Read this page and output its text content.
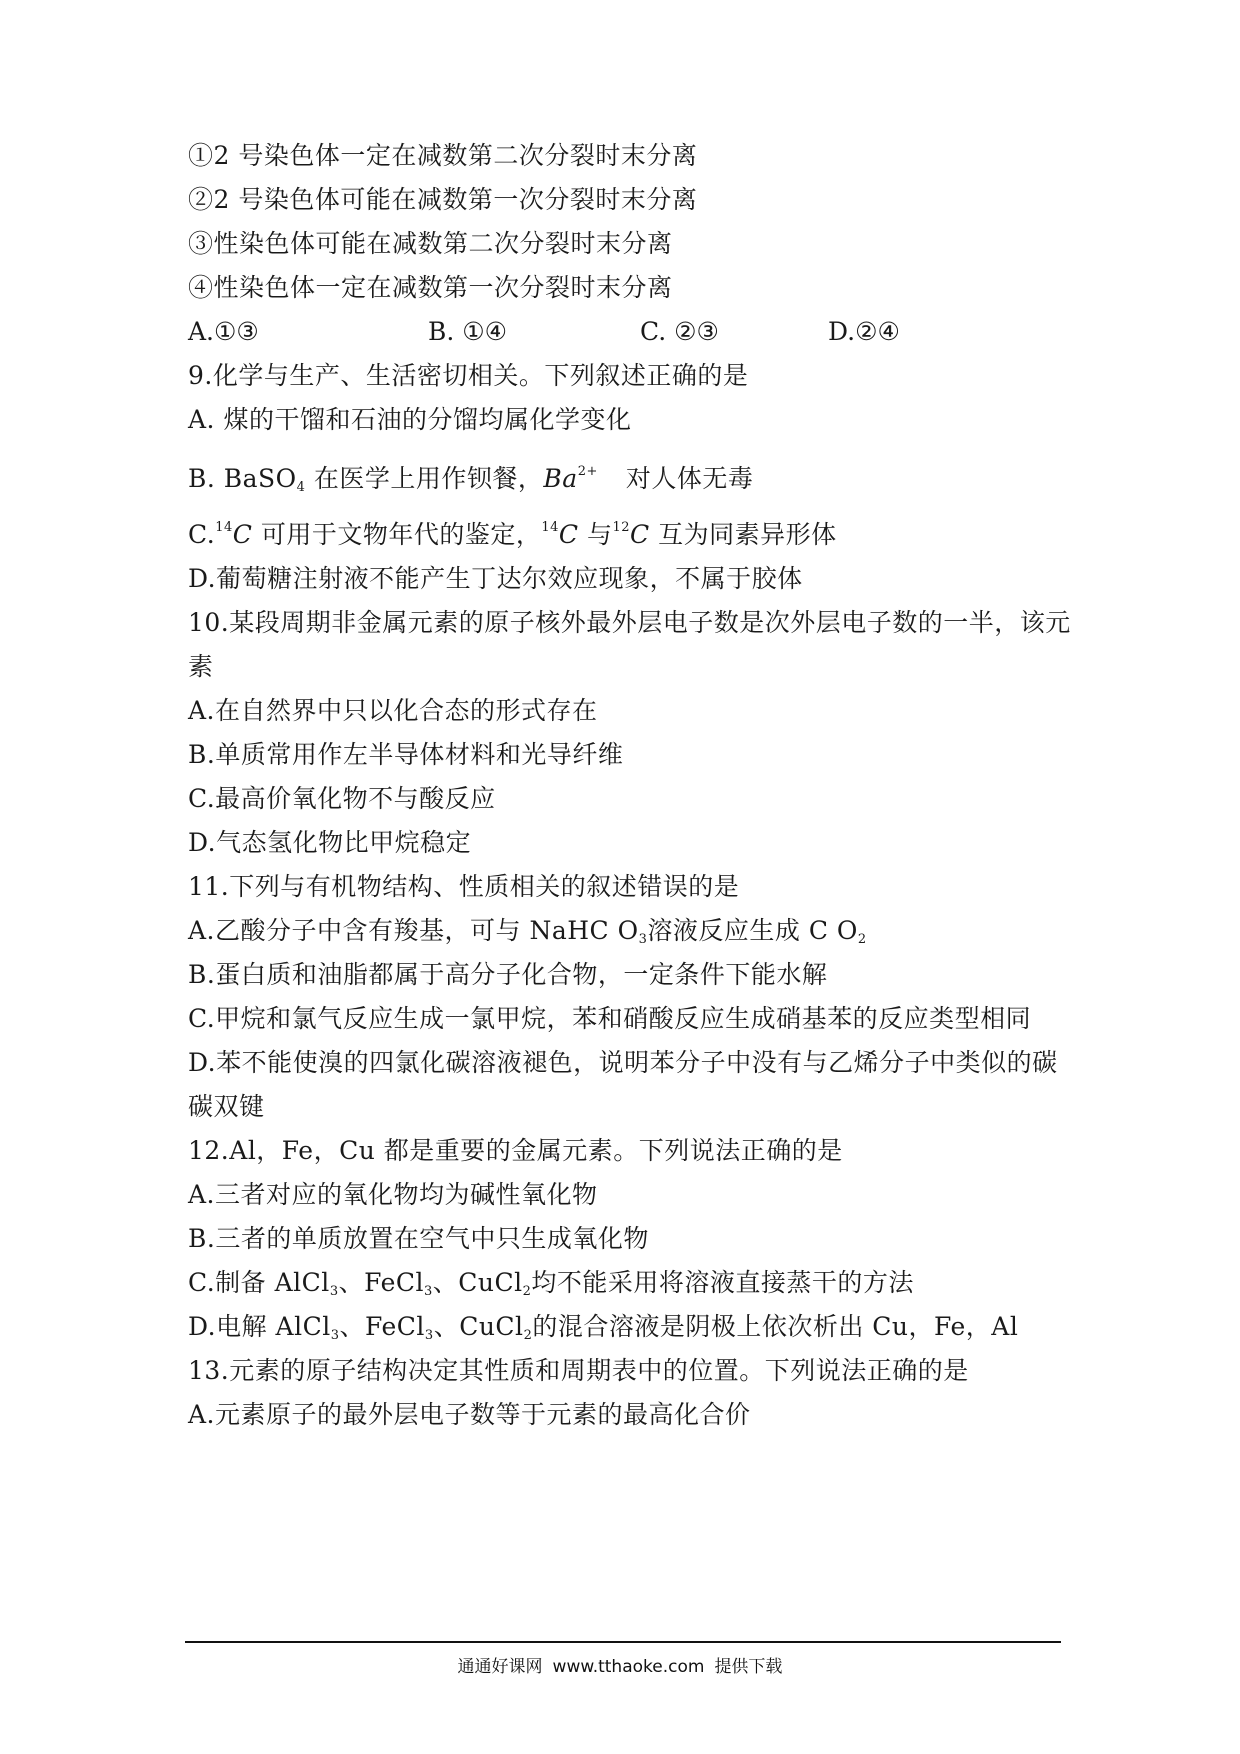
①2 号染色体一定在减数第二次分裂时末分离
②2 号染色体可能在减数第一次分裂时末分离
③性染色体可能在减数第二次分裂时末分离
④性染色体一定在减数第一次分裂时末分离
A.①③	B. ①④	C. ②③	D.②④
9.化学与生产、生活密切相关。下列叙述正确的是
A. 煤的干馏和石油的分馏均属化学变化
B. BaSO$_4$ 在医学上用作钡餐，$Ba^{2+}$ 对人体无毒
C.$^{14}$C 可用于文物年代的鉴定，$^{14}$C 与$^{12}$C 互为同素异形体
D.葡萄糖注射液不能产生丁达尔效应现象，不属于胶体
10.某段周期非金属元素的原子核外最外层电子数是次外层电子数的一半，该元
素
A.在自然界中只以化合态的形式存在
B.单质常用作左半导体材料和光导纤维
C.最高价氧化物不与酸反应
D.气态氢化物比甲烷稳定
11.下列与有机物结构、性质相关的叙述错误的是
A.乙酸分子中含有羧基，可与 NaHC $O_3$溶液反应生成 C $O_2$
B.蛋白质和油脂都属于高分子化合物，一定条件下能水解
C.甲烷和氯气反应生成一氯甲烷，苯和硝酸反应生成硝基苯的反应类型相同
D.苯不能使溴的四氯化碳溶液褪色，说明苯分子中没有与乙烯分子中类似的碳
碳双键
12.Al，Fe，Cu 都是重要的金属元素。下列说法正确的是
A.三者对应的氧化物均为碱性氧化物
B.三者的单质放置在空气中只生成氧化物
C.制备 AlCl$_3$、FeCl$_3$、CuCl$_2$均不能采用将溶液直接蒸干的方法
D.电解 AlCl$_3$、FeCl$_3$、CuCl$_2$的混合溶液是阴极上依次析出 Cu，Fe，Al
13.元素的原子结构决定其性质和周期表中的位置。下列说法正确的是
A.元素原子的最外层电子数等于元素的最高化合价
通通好课网 www.tthaoke.com 提供下载
